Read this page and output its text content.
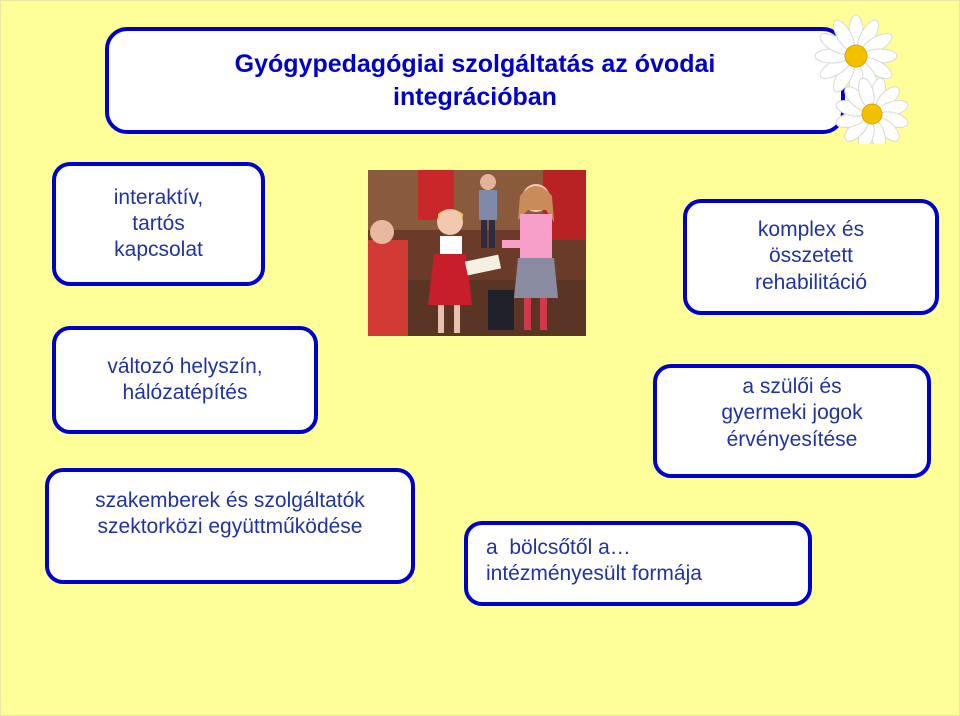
Gyógypedagógiai szolgáltatás az óvodai
integrációban
interaktív,
tartós
kapcsolat
változó helyszín,
hálózatépítés
szakemberek és szolgáltatók
szektorközi együttműködése
komplex és
összetett
rehabilitáció
a szülői és
gyermeki jogok
érvényesítése
a  bölcsőtől a…
intézményesült formája
